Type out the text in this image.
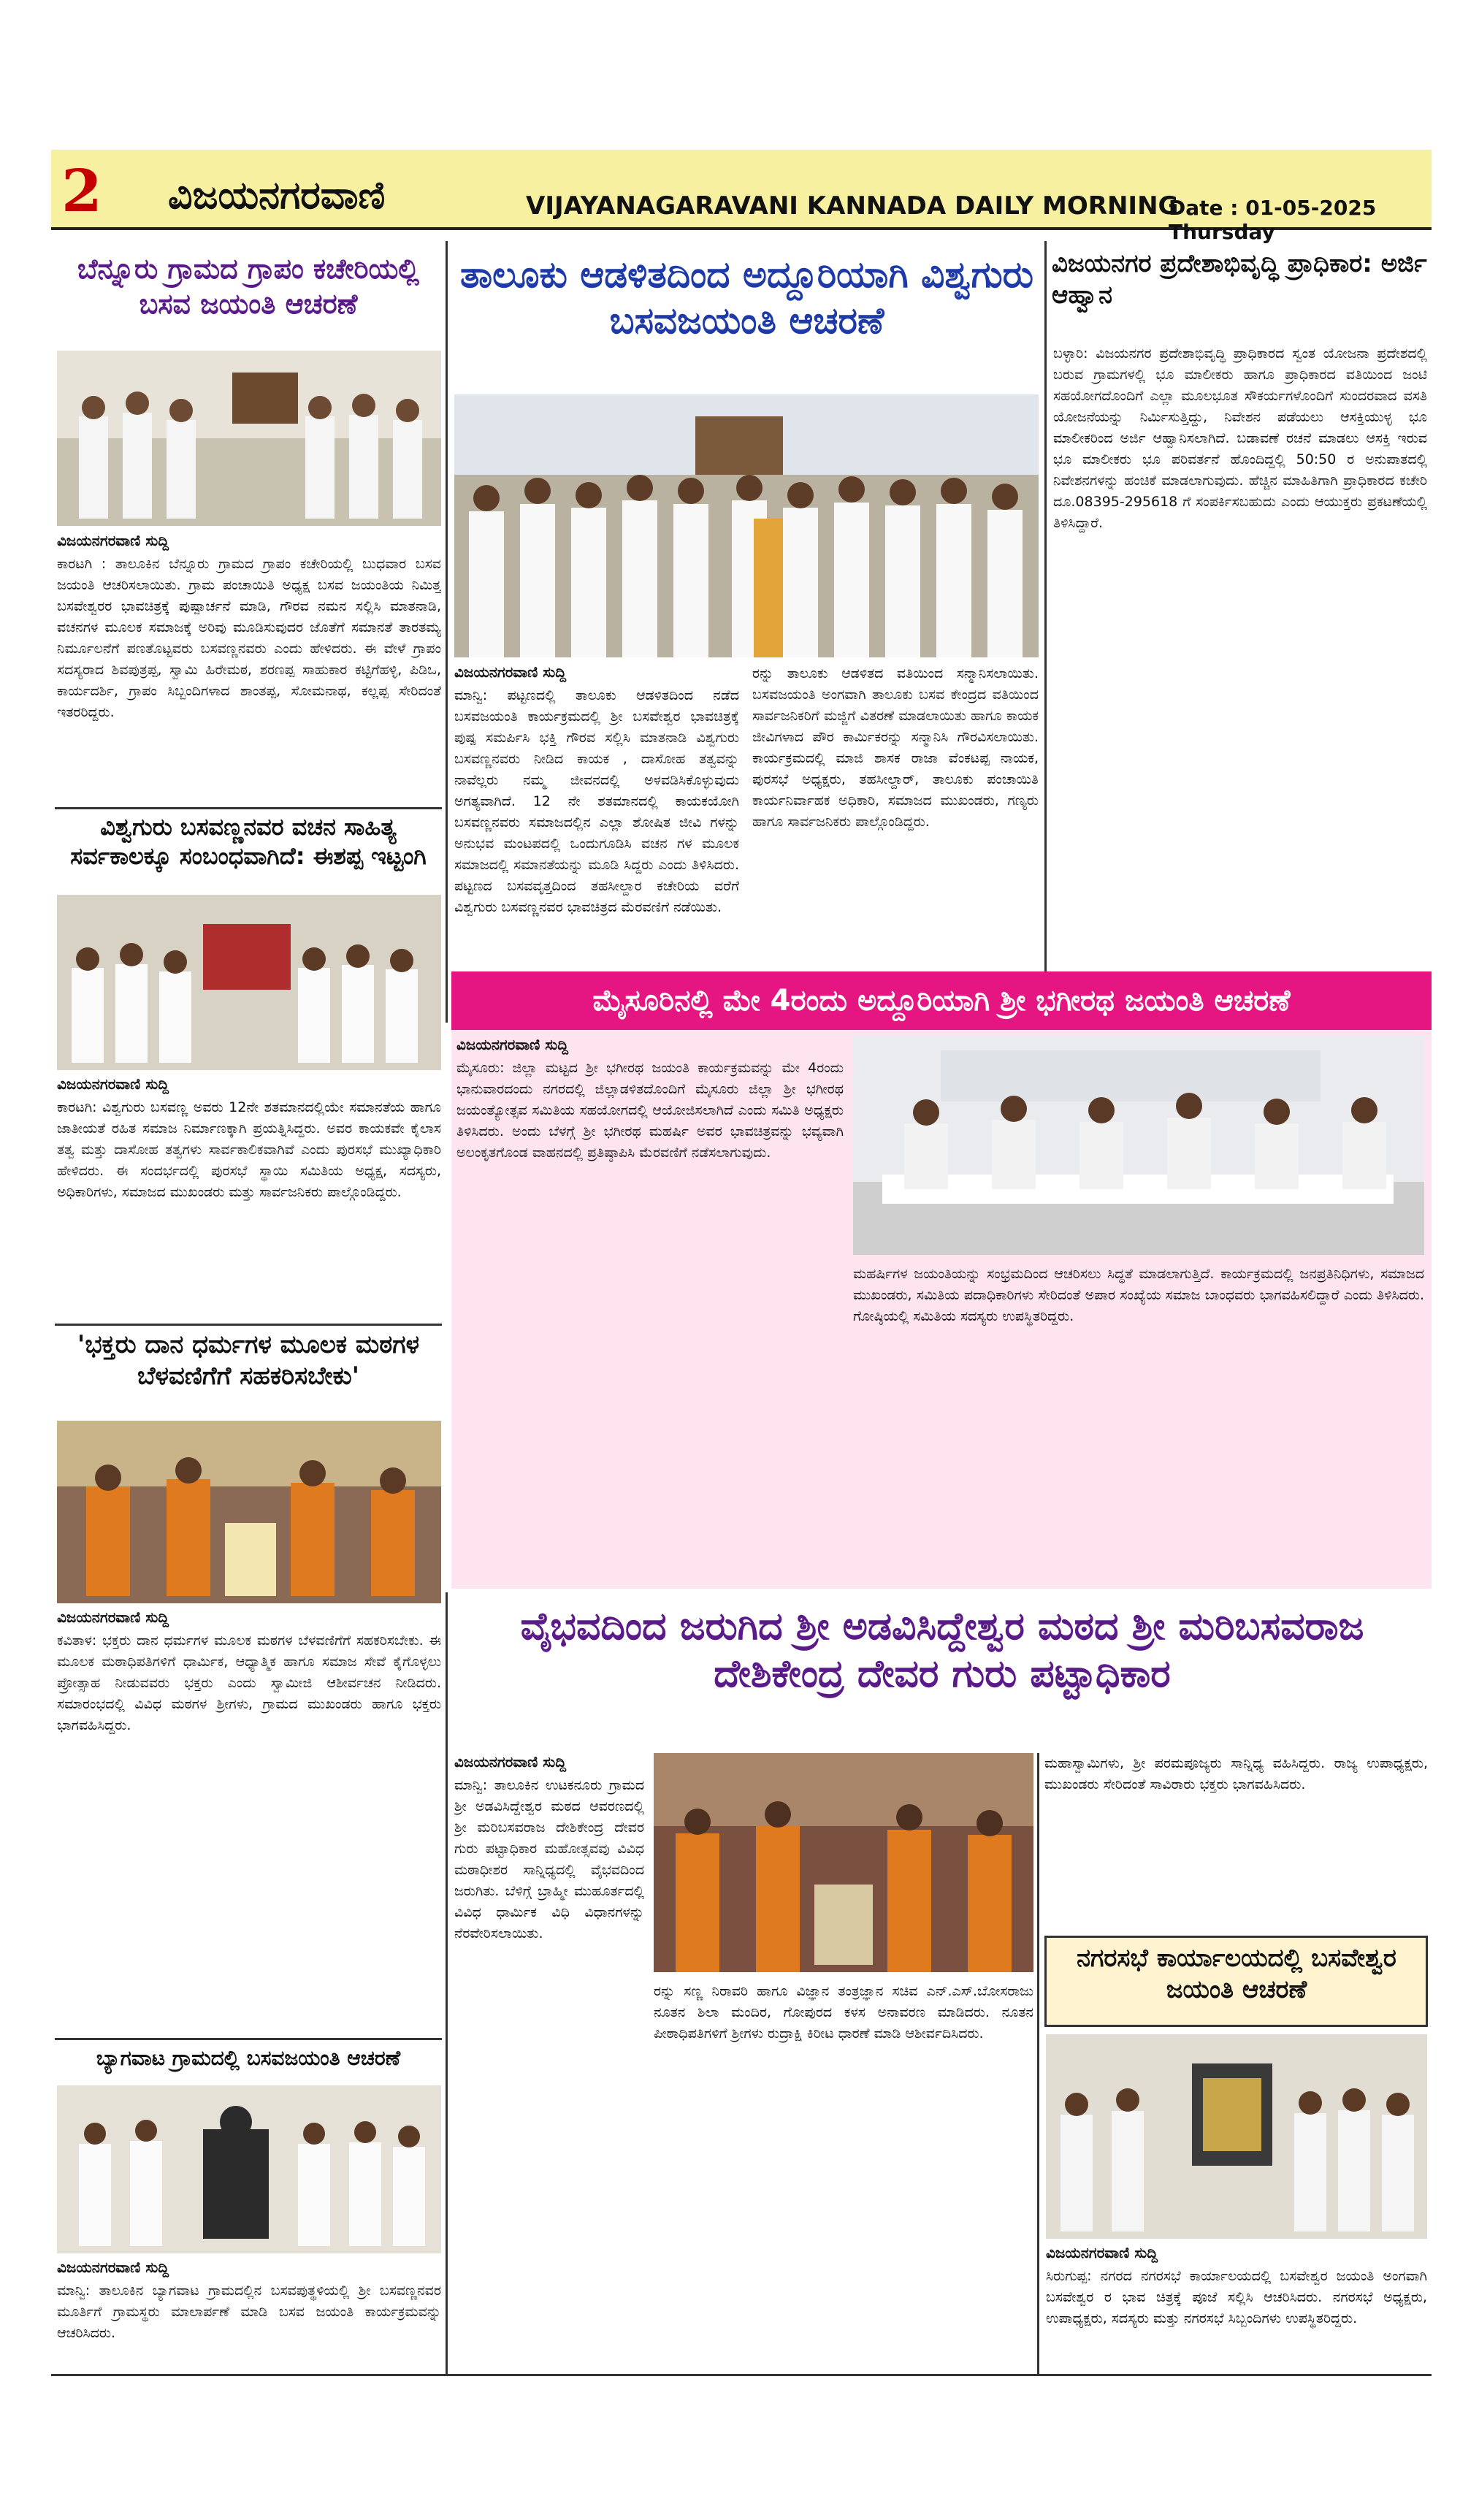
2 ವಿಜಯನಗರವಾಣಿ	VIJAYANAGARAVANI KANNADA DAILY MORNING
Date : 01-05-2025 Thursday
ಬೆನ್ನೂರು ಗ್ರಾಮದ ಗ್ರಾಪಂ ಕಚೇರಿಯಲ್ಲಿ ಬಸವ ಜಯಂತಿ ಆಚರಣೆ
ವಿಜಯನಗರವಾಣಿ ಸುದ್ದಿ
ಕಾರಟಗಿ : ತಾಲೂಕಿನ ಬೆನ್ನೂರು ಗ್ರಾಮದ ಗ್ರಾಪಂ ಕಚೇರಿಯಲ್ಲಿ ಬುಧವಾರ ಬಸವ ಜಯಂತಿ ಆಚರಿಸಲಾಯಿತು. ಗ್ರಾಮ ಪಂಚಾಯಿತಿ ಅಧ್ಯಕ್ಷ ಬಸವ ಜಯಂತಿಯ ನಿಮಿತ್ತ ಬಸವೇಶ್ವರರ ಭಾವಚಿತ್ರಕ್ಕೆ ಪುಷ್ಪಾರ್ಚನೆ ಮಾಡಿ, ಗೌರವ ನಮನ ಸಲ್ಲಿಸಿ ಮಾತನಾಡಿ, ವಚನಗಳ ಮೂಲಕ ಸಮಾಜಕ್ಕೆ ಅರಿವು ಮೂಡಿಸುವುದರ ಜೊತೆಗೆ ಸಮಾನತೆ ತಾರತಮ್ಯ ನಿರ್ಮೂಲನೆಗೆ ಪಣತೊಟ್ಟವರು ಬಸವಣ್ಣನವರು ಎಂದು ಹೇಳಿದರು. ಈ ವೇಳೆ ಗ್ರಾಪಂ ಸದಸ್ಯರಾದ ಶಿವಪುತ್ರಪ್ಪ, ಸ್ವಾಮಿ ಹಿರೇಮಠ, ಶರಣಪ್ಪ ಸಾಹುಕಾರ ಕಟ್ಟಿಗೆಹಳ್ಳಿ, ಪಿಡಿಒ, ಕಾರ್ಯದರ್ಶಿ, ಗ್ರಾಪಂ ಸಿಬ್ಬಂದಿಗಳಾದ ಶಾಂತಪ್ಪ, ಸೋಮನಾಥ, ಕಲ್ಲಪ್ಪ ಸೇರಿದಂತೆ ಇತರರಿದ್ದರು.
ವಿಶ್ವಗುರು ಬಸವಣ್ಣನವರ ವಚನ ಸಾಹಿತ್ಯ ಸರ್ವಕಾಲಕ್ಕೂ ಸಂಬಂಧವಾಗಿದೆ: ಈಶಪ್ಪ ಇಟ್ಟಂಗಿ
ವಿಜಯನಗರವಾಣಿ ಸುದ್ದಿ
ಕಾರಟಗಿ: ವಿಶ್ವಗುರು ಬಸವಣ್ಣ ಅವರು 12ನೇ ಶತಮಾನದಲ್ಲಿಯೇ ಸಮಾನತೆಯ ಹಾಗೂ ಜಾತೀಯತೆ ರಹಿತ ಸಮಾಜ ನಿರ್ಮಾಣಕ್ಕಾಗಿ ಪ್ರಯತ್ನಿಸಿದ್ದರು. ಅವರ ಕಾಯಕವೇ ಕೈಲಾಸ ತತ್ವ ಮತ್ತು ದಾಸೋಹ ತತ್ವಗಳು ಸಾರ್ವಕಾಲಿಕವಾಗಿವೆ ಎಂದು ಪುರಸಭೆ ಮುಖ್ಯಾಧಿಕಾರಿ ಹೇಳಿದರು. ಈ ಸಂದರ್ಭದಲ್ಲಿ ಪುರಸಭೆ ಸ್ಥಾಯಿ ಸಮಿತಿಯ ಅಧ್ಯಕ್ಷ, ಸದಸ್ಯರು, ಅಧಿಕಾರಿಗಳು, ಸಮಾಜದ ಮುಖಂಡರು ಮತ್ತು ಸಾರ್ವಜನಿಕರು ಪಾಲ್ಗೊಂಡಿದ್ದರು.
'ಭಕ್ತರು ದಾನ ಧರ್ಮಗಳ ಮೂಲಕ ಮಠಗಳ ಬೆಳವಣಿಗೆಗೆ ಸಹಕರಿಸಬೇಕು'
ವಿಜಯನಗರವಾಣಿ ಸುದ್ದಿ
ಕವಿತಾಳ: ಭಕ್ತರು ದಾನ ಧರ್ಮಗಳ ಮೂಲಕ ಮಠಗಳ ಬೆಳವಣಿಗೆಗೆ ಸಹಕರಿಸಬೇಕು. ಈ ಮೂಲಕ ಮಠಾಧಿಪತಿಗಳಿಗೆ ಧಾರ್ಮಿಕ, ಆಧ್ಯಾತ್ಮಿಕ ಹಾಗೂ ಸಮಾಜ ಸೇವೆ ಕೈಗೊಳ್ಳಲು ಪ್ರೋತ್ಸಾಹ ನೀಡುವವರು ಭಕ್ತರು ಎಂದು ಸ್ವಾಮೀಜಿ ಆಶೀರ್ವಚನ ನೀಡಿದರು. ಸಮಾರಂಭದಲ್ಲಿ ವಿವಿಧ ಮಠಗಳ ಶ್ರೀಗಳು, ಗ್ರಾಮದ ಮುಖಂಡರು ಹಾಗೂ ಭಕ್ತರು ಭಾಗವಹಿಸಿದ್ದರು.
ಬ್ಯಾಗವಾಟ ಗ್ರಾಮದಲ್ಲಿ ಬಸವಜಯಂತಿ ಆಚರಣೆ
ವಿಜಯನಗರವಾಣಿ ಸುದ್ದಿ
ಮಾನ್ವಿ: ತಾಲೂಕಿನ ಬ್ಯಾಗವಾಟ ಗ್ರಾಮದಲ್ಲಿನ ಬಸವಪುತ್ಥಳಿಯಲ್ಲಿ ಶ್ರೀ ಬಸವಣ್ಣನವರ ಮೂರ್ತಿಗೆ ಗ್ರಾಮಸ್ಥರು ಮಾಲಾರ್ಪಣೆ ಮಾಡಿ ಬಸವ ಜಯಂತಿ ಕಾರ್ಯಕ್ರಮವನ್ನು ಆಚರಿಸಿದರು.
ತಾಲೂಕು ಆಡಳಿತದಿಂದ ಅದ್ದೂರಿಯಾಗಿ ವಿಶ್ವಗುರು ಬಸವಜಯಂತಿ ಆಚರಣೆ
ವಿಜಯನಗರವಾಣಿ ಸುದ್ದಿ
ಮಾನ್ವಿ: ಪಟ್ಟಣದಲ್ಲಿ ತಾಲೂಕು ಆಡಳಿತದಿಂದ ನಡೆದ ಬಸವಜಯಂತಿ ಕಾರ್ಯಕ್ರಮದಲ್ಲಿ ಶ್ರೀ ಬಸವೇಶ್ವರ ಭಾವಚಿತ್ರಕ್ಕೆ ಪುಷ್ಪ ಸಮರ್ಪಿಸಿ ಭಕ್ತಿ ಗೌರವ ಸಲ್ಲಿಸಿ ಮಾತನಾಡಿ ವಿಶ್ವಗುರು ಬಸವಣ್ಣನವರು ನೀಡಿದ ಕಾಯಕ , ದಾಸೋಹ ತತ್ವವನ್ನು ನಾವೆಲ್ಲರು ನಮ್ಮ ಜೀವನದಲ್ಲಿ ಅಳವಡಿಸಿಕೊಳ್ಳುವುದು ಅಗತ್ಯವಾಗಿದೆ. 12 ನೇ ಶತಮಾನದಲ್ಲಿ ಕಾಯಕಯೋಗಿ ಬಸವಣ್ಣನವರು ಸಮಾಜದಲ್ಲಿನ ಎಲ್ಲಾ ಶೋಷಿತ ಜೀವಿ ಗಳನ್ನು ಅನುಭವ ಮಂಟಪದಲ್ಲಿ ಒಂದುಗೂಡಿಸಿ ವಚನ ಗಳ ಮೂಲಕ ಸಮಾಜದಲ್ಲಿ ಸಮಾನತೆಯನ್ನು ಮೂಡಿ ಸಿದ್ದರು ಎಂದು ತಿಳಿಸಿದರು. ಪಟ್ಟಣದ ಬಸವವೃತ್ತದಿಂದ ತಹಸೀಲ್ದಾರ ಕಚೇರಿಯ ವರೆಗೆ ವಿಶ್ವಗುರು ಬಸವಣ್ಣನವರ ಭಾವಚಿತ್ರದ ಮೆರವಣಿಗೆ ನಡೆಯಿತು.
ರನ್ನು ತಾಲೂಕು ಆಡಳಿತದ ವತಿಯಿಂದ ಸನ್ಮಾನಿಸಲಾಯಿತು. ಬಸವಜಯಂತಿ ಅಂಗವಾಗಿ ತಾಲೂಕು ಬಸವ ಕೇಂದ್ರದ ವತಿಯಿಂದ ಸಾರ್ವಜನಿಕರಿಗೆ ಮಜ್ಜಿಗೆ ವಿತರಣೆ ಮಾಡಲಾಯಿತು ಹಾಗೂ ಕಾಯಕ ಜೀವಿಗಳಾದ ಪೌರ ಕಾರ್ಮಿಕರನ್ನು ಸನ್ಮಾನಿಸಿ ಗೌರವಿಸಲಾಯಿತು. ಕಾರ್ಯಕ್ರಮದಲ್ಲಿ ಮಾಜಿ ಶಾಸಕ ರಾಜಾ ವೆಂಕಟಪ್ಪ ನಾಯಕ, ಪುರಸಭೆ ಅಧ್ಯಕ್ಷರು, ತಹಸೀಲ್ದಾರ್, ತಾಲೂಕು ಪಂಚಾಯಿತಿ ಕಾರ್ಯನಿರ್ವಾಹಕ ಅಧಿಕಾರಿ, ಸಮಾಜದ ಮುಖಂಡರು, ಗಣ್ಯರು ಹಾಗೂ ಸಾರ್ವಜನಿಕರು ಪಾಲ್ಗೊಂಡಿದ್ದರು.
ವಿಜಯನಗರ ಪ್ರದೇಶಾಭಿವೃದ್ಧಿ ಪ್ರಾಧಿಕಾರ: ಅರ್ಜಿ ಆಹ್ವಾನ
ಬಳ್ಳಾರಿ: ವಿಜಯನಗರ ಪ್ರದೇಶಾಭಿವೃದ್ಧಿ ಪ್ರಾಧಿಕಾರದ ಸ್ವಂತ ಯೋಜನಾ ಪ್ರದೇಶದಲ್ಲಿ ಬರುವ ಗ್ರಾಮಗಳಲ್ಲಿ ಭೂ ಮಾಲೀಕರು ಹಾಗೂ ಪ್ರಾಧಿಕಾರದ ವತಿಯಿಂದ ಜಂಟಿ ಸಹಯೋಗದೊಂದಿಗೆ ಎಲ್ಲಾ ಮೂಲಭೂತ ಸೌಕರ್ಯಗಳೊಂದಿಗೆ ಸುಂದರವಾದ ವಸತಿ ಯೋಜನೆಯನ್ನು ನಿರ್ಮಿಸುತ್ತಿದ್ದು, ನಿವೇಶನ ಪಡೆಯಲು ಆಸಕ್ತಿಯುಳ್ಳ ಭೂ ಮಾಲೀಕರಿಂದ ಅರ್ಜಿ ಆಹ್ವಾನಿಸಲಾಗಿದೆ. ಬಡಾವಣೆ ರಚನೆ ಮಾಡಲು ಆಸಕ್ತಿ ಇರುವ ಭೂ ಮಾಲೀಕರು ಭೂ ಪರಿವರ್ತನೆ ಹೊಂದಿದ್ದಲ್ಲಿ 50:50 ರ ಅನುಪಾತದಲ್ಲಿ ನಿವೇಶನಗಳನ್ನು ಹಂಚಿಕೆ ಮಾಡಲಾಗುವುದು. ಹೆಚ್ಚಿನ ಮಾಹಿತಿಗಾಗಿ ಪ್ರಾಧಿಕಾರದ ಕಚೇರಿ ದೂ.08395-295618 ಗೆ ಸಂಪರ್ಕಿಸಬಹುದು ಎಂದು ಆಯುಕ್ತರು ಪ್ರಕಟಣೆಯಲ್ಲಿ ತಿಳಿಸಿದ್ದಾರೆ.
ಮೈಸೂರಿನಲ್ಲಿ ಮೇ 4ರಂದು ಅದ್ದೂರಿಯಾಗಿ ಶ್ರೀ ಭಗೀರಥ ಜಯಂತಿ ಆಚರಣೆ
ವಿಜಯನಗರವಾಣಿ ಸುದ್ದಿ
ಮೈಸೂರು: ಜಿಲ್ಲಾ ಮಟ್ಟದ ಶ್ರೀ ಭಗೀರಥ ಜಯಂತಿ ಕಾರ್ಯಕ್ರಮವನ್ನು ಮೇ 4ರಂದು ಭಾನುವಾರದಂದು ನಗರದಲ್ಲಿ ಜಿಲ್ಲಾಡಳಿತದೊಂದಿಗೆ ಮೈಸೂರು ಜಿಲ್ಲಾ ಶ್ರೀ ಭಗೀರಥ ಜಯಂತ್ಯೋತ್ಸವ ಸಮಿತಿಯ ಸಹಯೋಗದಲ್ಲಿ ಆಯೋಜಿಸಲಾಗಿದೆ ಎಂದು ಸಮಿತಿ ಅಧ್ಯಕ್ಷರು ತಿಳಿಸಿದರು. ಅಂದು ಬೆಳಗ್ಗೆ ಶ್ರೀ ಭಗೀರಥ ಮಹರ್ಷಿ ಅವರ ಭಾವಚಿತ್ರವನ್ನು ಭವ್ಯವಾಗಿ ಅಲಂಕೃತಗೊಂಡ ವಾಹನದಲ್ಲಿ ಪ್ರತಿಷ್ಠಾಪಿಸಿ ಮೆರವಣಿಗೆ ನಡೆಸಲಾಗುವುದು.
ಮಹರ್ಷಿಗಳ ಜಯಂತಿಯನ್ನು ಸಂಭ್ರಮದಿಂದ ಆಚರಿಸಲು ಸಿದ್ಧತೆ ಮಾಡಲಾಗುತ್ತಿದೆ. ಕಾರ್ಯಕ್ರಮದಲ್ಲಿ ಜನಪ್ರತಿನಿಧಿಗಳು, ಸಮಾಜದ ಮುಖಂಡರು, ಸಮಿತಿಯ ಪದಾಧಿಕಾರಿಗಳು ಸೇರಿದಂತೆ ಅಪಾರ ಸಂಖ್ಯೆಯ ಸಮಾಜ ಬಾಂಧವರು ಭಾಗವಹಿಸಲಿದ್ದಾರೆ ಎಂದು ತಿಳಿಸಿದರು. ಗೋಷ್ಠಿಯಲ್ಲಿ ಸಮಿತಿಯ ಸದಸ್ಯರು ಉಪಸ್ಥಿತರಿದ್ದರು.
ವೈಭವದಿಂದ ಜರುಗಿದ ಶ್ರೀ ಅಡವಿಸಿದ್ದೇಶ್ವರ ಮಠದ ಶ್ರೀ ಮರಿಬಸವರಾಜ ದೇಶಿಕೇಂದ್ರ ದೇವರ ಗುರು ಪಟ್ಟಾಧಿಕಾರ
ವಿಜಯನಗರವಾಣಿ ಸುದ್ದಿ
ಮಾನ್ವಿ: ತಾಲೂಕಿನ ಉಟಕನೂರು ಗ್ರಾಮದ ಶ್ರೀ ಅಡವಿಸಿದ್ದೇಶ್ವರ ಮಠದ ಆವರಣದಲ್ಲಿ ಶ್ರೀ ಮರಿಬಸವರಾಜ ದೇಶಿಕೇಂದ್ರ ದೇವರ ಗುರು ಪಟ್ಟಾಧಿಕಾರ ಮಹೋತ್ಸವವು ವಿವಿಧ ಮಠಾಧೀಶರ ಸಾನ್ನಿಧ್ಯದಲ್ಲಿ ವೈಭವದಿಂದ ಜರುಗಿತು. ಬೆಳಿಗ್ಗೆ ಬ್ರಾಹ್ಮೀ ಮುಹೂರ್ತದಲ್ಲಿ ವಿವಿಧ ಧಾರ್ಮಿಕ ವಿಧಿ ವಿಧಾನಗಳನ್ನು ನೆರವೇರಿಸಲಾಯಿತು.
ರನ್ನು ಸಣ್ಣ ನಿರಾವರಿ ಹಾಗೂ ವಿಜ್ಞಾನ ತಂತ್ರಜ್ಞಾನ ಸಚಿವ ಎನ್.ಎಸ್.ಬೋಸರಾಜು ನೂತನ ಶಿಲಾ ಮಂದಿರ, ಗೋಪುರದ ಕಳಸ ಅನಾವರಣ ಮಾಡಿದರು. ನೂತನ ಪೀಠಾಧಿಪತಿಗಳಿಗೆ ಶ್ರೀಗಳು ರುದ್ರಾಕ್ಷಿ ಕಿರೀಟ ಧಾರಣೆ ಮಾಡಿ ಆಶೀರ್ವದಿಸಿದರು.
ಮಹಾಸ್ವಾಮಿಗಳು, ಶ್ರೀ ಪರಮಪೂಜ್ಯರು ಸಾನ್ನಿಧ್ಯ ವಹಿಸಿದ್ದರು. ರಾಜ್ಯ ಉಪಾಧ್ಯಕ್ಷರು, ಮುಖಂಡರು ಸೇರಿದಂತೆ ಸಾವಿರಾರು ಭಕ್ತರು ಭಾಗವಹಿಸಿದರು.
ನಗರಸಭೆ ಕಾರ್ಯಾಲಯದಲ್ಲಿ ಬಸವೇಶ್ವರ ಜಯಂತಿ ಆಚರಣೆ
ವಿಜಯನಗರವಾಣಿ ಸುದ್ದಿ
ಸಿರುಗುಪ್ಪ: ನಗರದ ನಗರಸಭೆ ಕಾರ್ಯಾಲಯದಲ್ಲಿ ಬಸವೇಶ್ವರ ಜಯಂತಿ ಅಂಗವಾಗಿ ಬಸವೇಶ್ವರ ರ ಭಾವ ಚಿತ್ರಕ್ಕೆ ಪೂಜೆ ಸಲ್ಲಿಸಿ ಆಚರಿಸಿದರು. ನಗರಸಭೆ ಅಧ್ಯಕ್ಷರು, ಉಪಾಧ್ಯಕ್ಷರು, ಸದಸ್ಯರು ಮತ್ತು ನಗರಸಭೆ ಸಿಬ್ಬಂದಿಗಳು ಉಪಸ್ಥಿತರಿದ್ದರು.
